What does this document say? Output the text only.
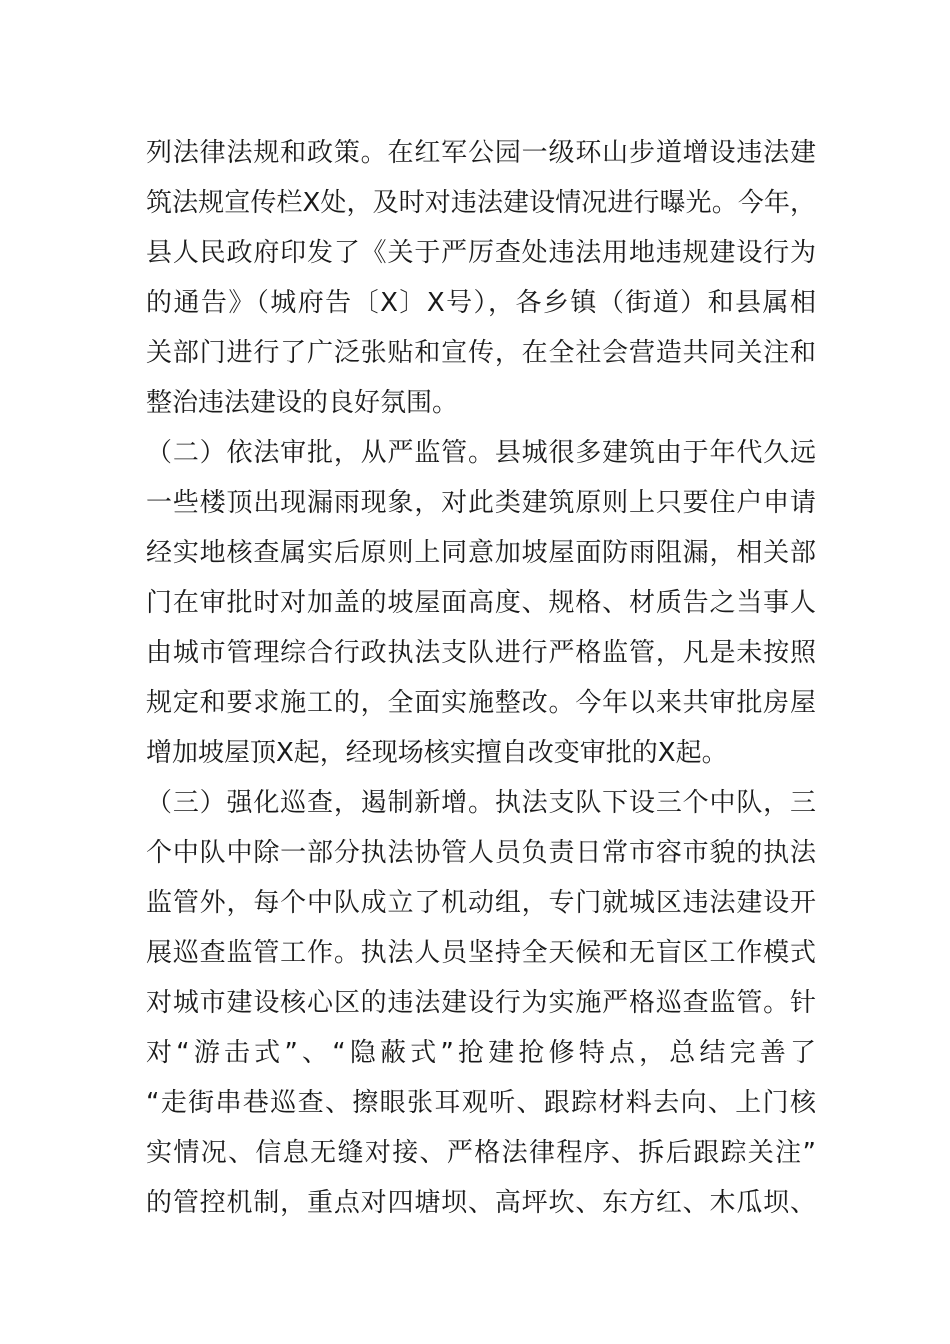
列法律法规和政策。在红军公园一级环山步道增设违法建
筑法规宣传栏X处，及时对违法建设情况进行曝光。今年，
县人民政府印发了《关于严厉查处违法用地违规建设行为
的通告》（城府告〔X〕X号），各乡镇（街道）和县属相
关部门进行了广泛张贴和宣传，在全社会营造共同关注和
整治违法建设的良好氛围。
（二）依法审批，从严监管。县城很多建筑由于年代久远
一些楼顶出现漏雨现象，对此类建筑原则上只要住户申请
经实地核查属实后原则上同意加坡屋面防雨阻漏，相关部
门在审批时对加盖的坡屋面高度、规格、材质告之当事人
由城市管理综合行政执法支队进行严格监管，凡是未按照
规定和要求施工的，全面实施整改。今年以来共审批房屋
增加坡屋顶X起，经现场核实擅自改变审批的X起。
（三）强化巡查，遏制新增。执法支队下设三个中队，三
个中队中除一部分执法协管人员负责日常市容市貌的执法
监管外，每个中队成立了机动组，专门就城区违法建设开
展巡查监管工作。执法人员坚持全天候和无盲区工作模式
对城市建设核心区的违法建设行为实施严格巡查监管。针
对“游击式”、“隐蔽式”抢建抢修特点，总结完善了
“走街串巷巡查、擦眼张耳观听、跟踪材料去向、上门核
实情况、信息无缝对接、严格法律程序、拆后跟踪关注”
的管控机制，重点对四塘坝、高坪坎、东方红、木瓜坝、
